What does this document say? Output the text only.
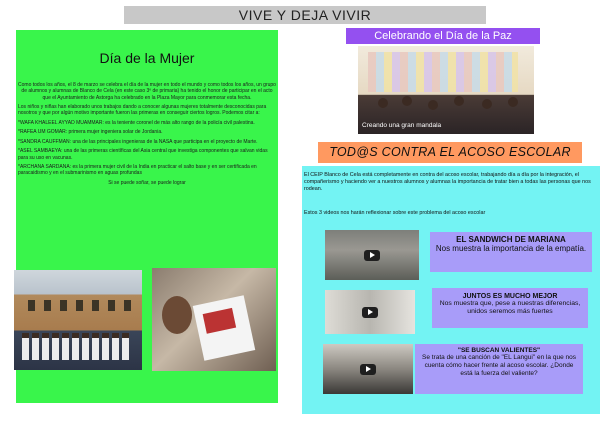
VIVE Y DEJA VIVIR
Día de la Mujer

Como todos los años, el 8 de marzo se celebra el día de la mujer en todo el mundo y como todos los años, un grupo de alumnos y alumnas de Blanco de Cela (en este caso 3º de primaria) ha tenido el honor de participar en el acto que el Ayuntamiento de Astorga ha celebrado en la Plaza Mayor para conmemorar esta fecha.

Los niños y niñas han elaborado unos trabajos dando a conocer algunas mujeres totalmente desconocidas para nosotros y que por algún motivo importante fueron las primeras en conseguir ciertos logros. Podemos citar a:

*WAFA KHALEEL AYYAD MUAMMAR: es la teniente coronel de más alto rango de la policía civil palestina.

*RAFEA UM GOMAR: primera mujer ingeniera solar de Jordania.

*SANDRA CAUFFMAN: una de las principales ingenieras de la NASA que participa en el proyecto de Marte.

*ASEL SAMBAEYA: una de las primeras científicas del Asia central que investiga componentes que salvan vidas para su uso en vacunas.

*ARCHANA SARDANA: es la primera mujer civil de la India en practicar el salto base y en ser certificada en paracaidismo y en el submarinismo en aguas profundas

Si se puede soñar, se puede lograr

Celebrando el Día de la Paz
Creando una gran mandala
TOD@S CONTRA EL ACOSO ESCOLAR
El CEIP Blanco de Cela está completamente en contra del acoso escolar, trabajando día a día por la integración, el compañerismo y haciendo ver a nuestros alumnos y alumnas la importancia de tratar bien a todas las personas que nos rodean.
Estos 3 videos nos harán reflexionar sobre este problema del acoso escolar
EL SANDWICH DE MARIANA
Nos muestra la importancia de la empatía.
JUNTOS ES MUCHO MEJOR
Nos muestra que, pese a nuestras diferencias, unidos seremos más fuertes
"SE BUSCAN VALIENTES"
Se trata de una canción de "EL Langui" en la que nos cuenta cómo hacer frente al acoso escolar. ¿Donde está la fuerza del valiente?
